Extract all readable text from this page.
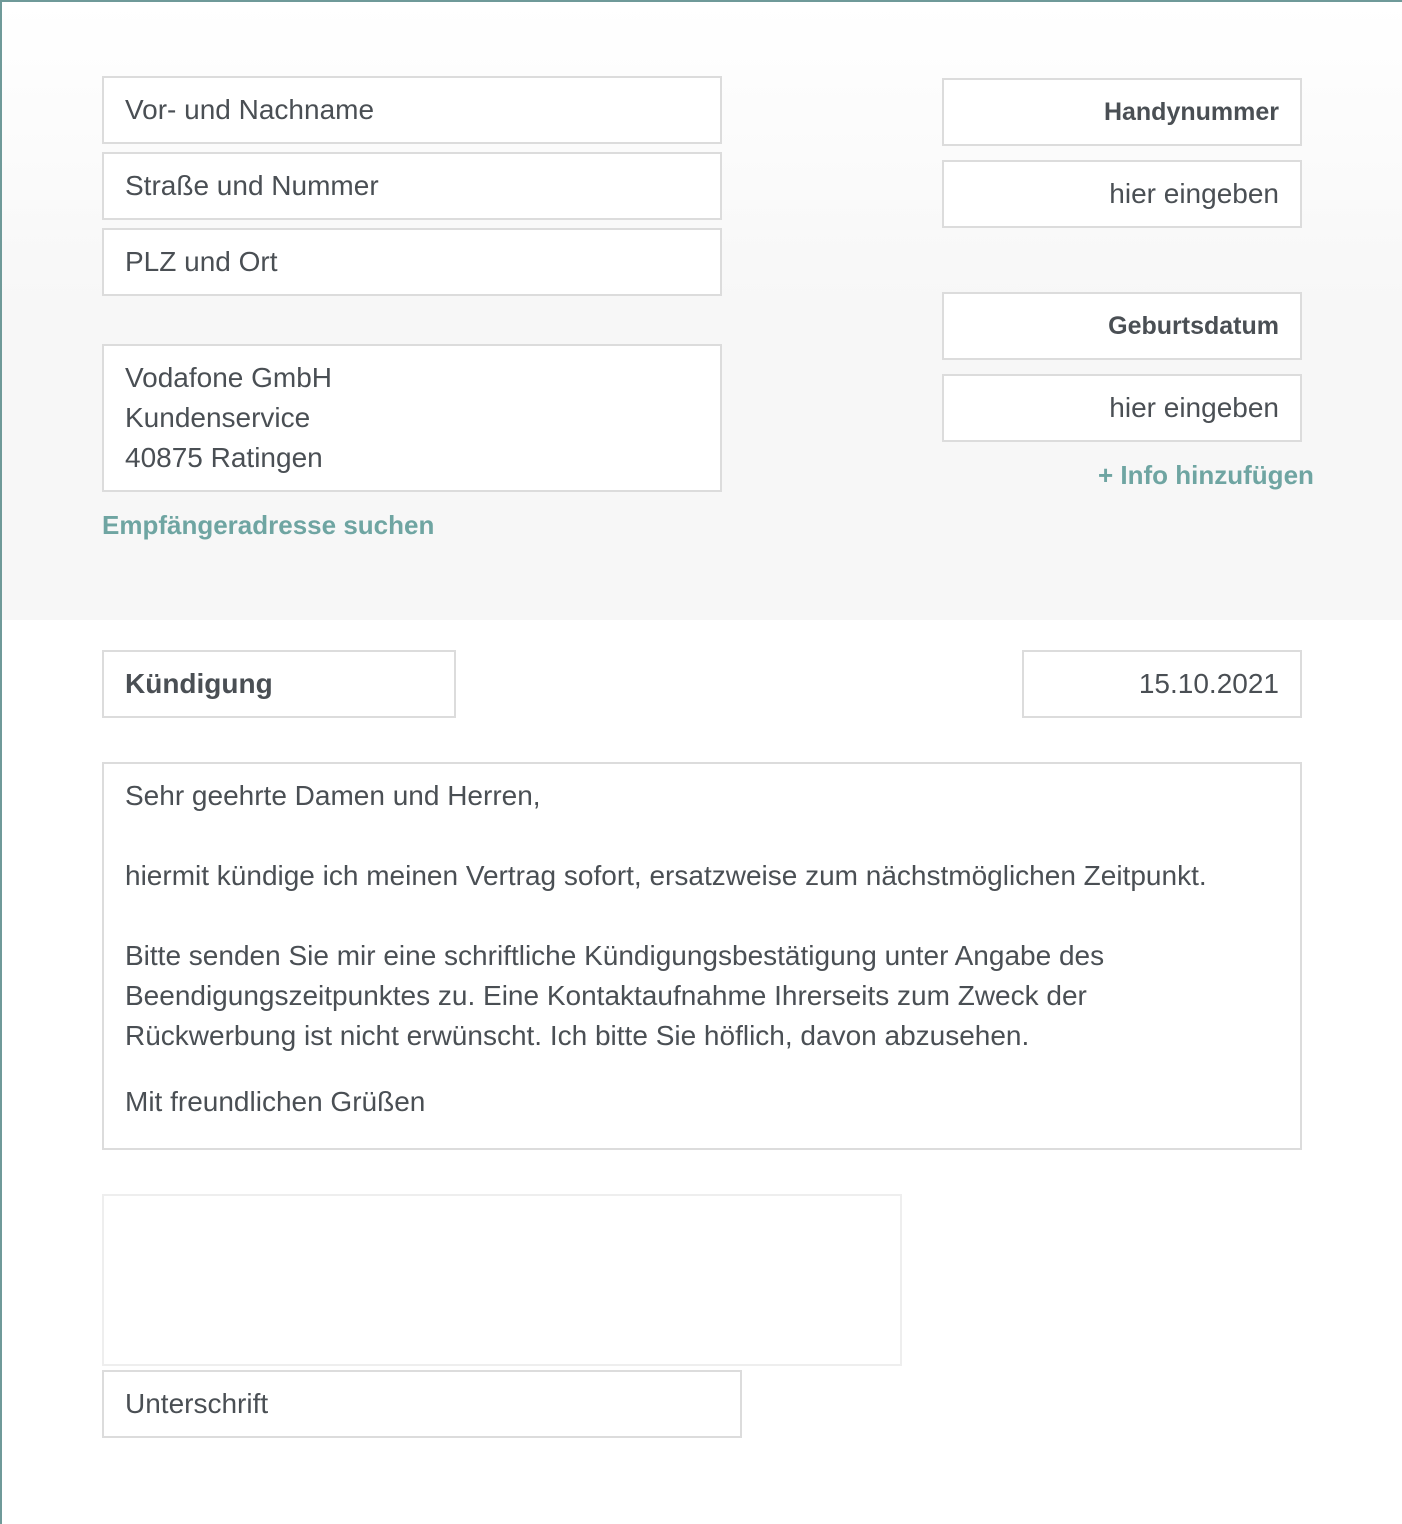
Vor- und Nachname
Straße und Nummer
PLZ und Ort
Vodafone GmbH
Kundenservice
40875 Ratingen
Empfängeradresse suchen
Handynummer
hier eingeben
Geburtsdatum
hier eingeben
+ Info hinzufügen
Kündigung	15.10.2021

Sehr geehrte Damen und Herren,

hiermit kündige ich meinen Vertrag sofort, ersatzweise zum nächstmöglichen Zeitpunkt.

Bitte senden Sie mir eine schriftliche Kündigungsbestätigung unter Angabe des

Beendigungszeitpunktes zu. Eine Kontaktaufnahme Ihrerseits zum Zweck der

Rückwerbung ist nicht erwünscht. Ich bitte Sie höflich, davon abzusehen.

Mit freundlichen Grüßen

Unterschrift
